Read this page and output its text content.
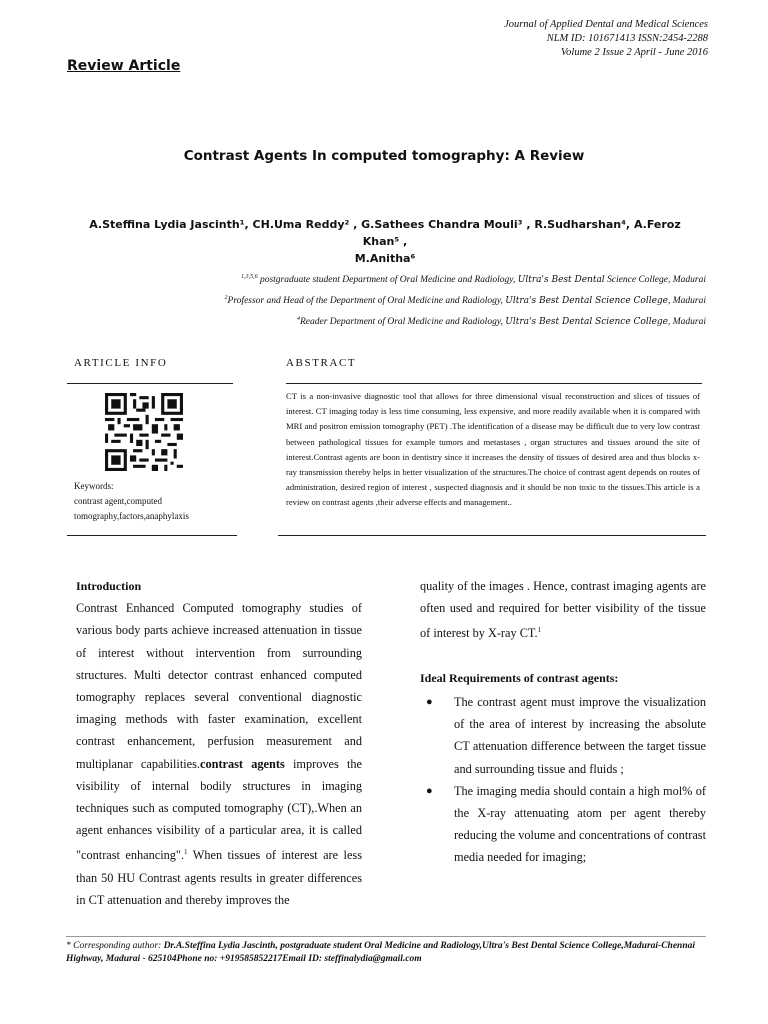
Journal of Applied Dental and Medical Sciences
NLM ID: 101671413 ISSN:2454-2288
Volume 2 Issue 2 April - June 2016
Review Article
Contrast Agents In computed tomography: A Review
A.Steffina Lydia Jascinth¹, CH.Uma Reddy² , G.Sathees Chandra Mouli³ , R.Sudharshan⁴, A.Feroz Khan⁵ ,
M.Anitha⁶
$^{1,3,5,6}$ postgraduate student Department of Oral Medicine and Radiology, Ultra's Best Dental Science College, Madurai
$^2$Professor and Head of the Department of Oral Medicine and Radiology, Ultra's Best Dental Science College, Madurai
$^4$Reader Department of Oral Medicine and Radiology, Ultra's Best Dental Science College, Madurai
ARTICLE INFO
Keywords:
contrast agent,computed
tomography,factors,anaphylaxis
ABSTRACT
CT is a non-invasive diagnostic tool that allows for three dimensional visual reconstruction and slices of tissues of interest. CT imaging today is less time consuming, less expensive, and more readily available when it is compared with MRI and positron emission tomography (PET) .The identification of a disease may be difficult due to very low contrast between pathological tissues for example tumors and metastases , organ structures and tissues around the site of interest.Contrast agents are boon in dentistry since it increases the density of tissues of desired area and thus blocks x-ray transmission thereby helps in better visualization of the structures.The choice of contrast agent depends on routes of administration, desired region of interest , suspected diagnosis and it should be non toxic to the tissues.This article is a review on contrast agents ,their adverse effects and management..
Introduction
Contrast Enhanced Computed tomography studies of various body parts achieve increased attenuation in tissue of interest without intervention from surrounding structures. Multi detector contrast enhanced computed tomography replaces several conventional diagnostic imaging methods with faster examination, excellent contrast enhancement, perfusion measurement and multiplanar capabilities.contrast agents improves the visibility of internal bodily structures in imaging techniques such as computed tomography (CT),.When an agent enhances visibility of a particular area, it is called "contrast enhancing".$^1$ When tissues of interest are less than 50 HU Contrast agents results in greater differences in CT attenuation and thereby improves the
quality of the images . Hence, contrast imaging agents are often used and required for better visibility of the tissue of interest by X-ray CT.$^1$
Ideal Requirements of contrast agents:
● The contrast agent must improve the visualization of the area of interest by increasing the absolute CT attenuation difference between the target tissue and surrounding tissue and fluids ;
● The imaging media should contain a high mol% of the X-ray attenuating atom per agent thereby reducing the volume and concentrations of contrast media needed for imaging;
* Corresponding author: Dr.A.Steffina Lydia Jascinth, postgraduate student Oral Medicine and Radiology,Ultra's Best Dental Science College,Madurai-Chennai Highway, Madurai - 625104Phone no: +919585852217Email ID: steffinalydia@gmail.com
